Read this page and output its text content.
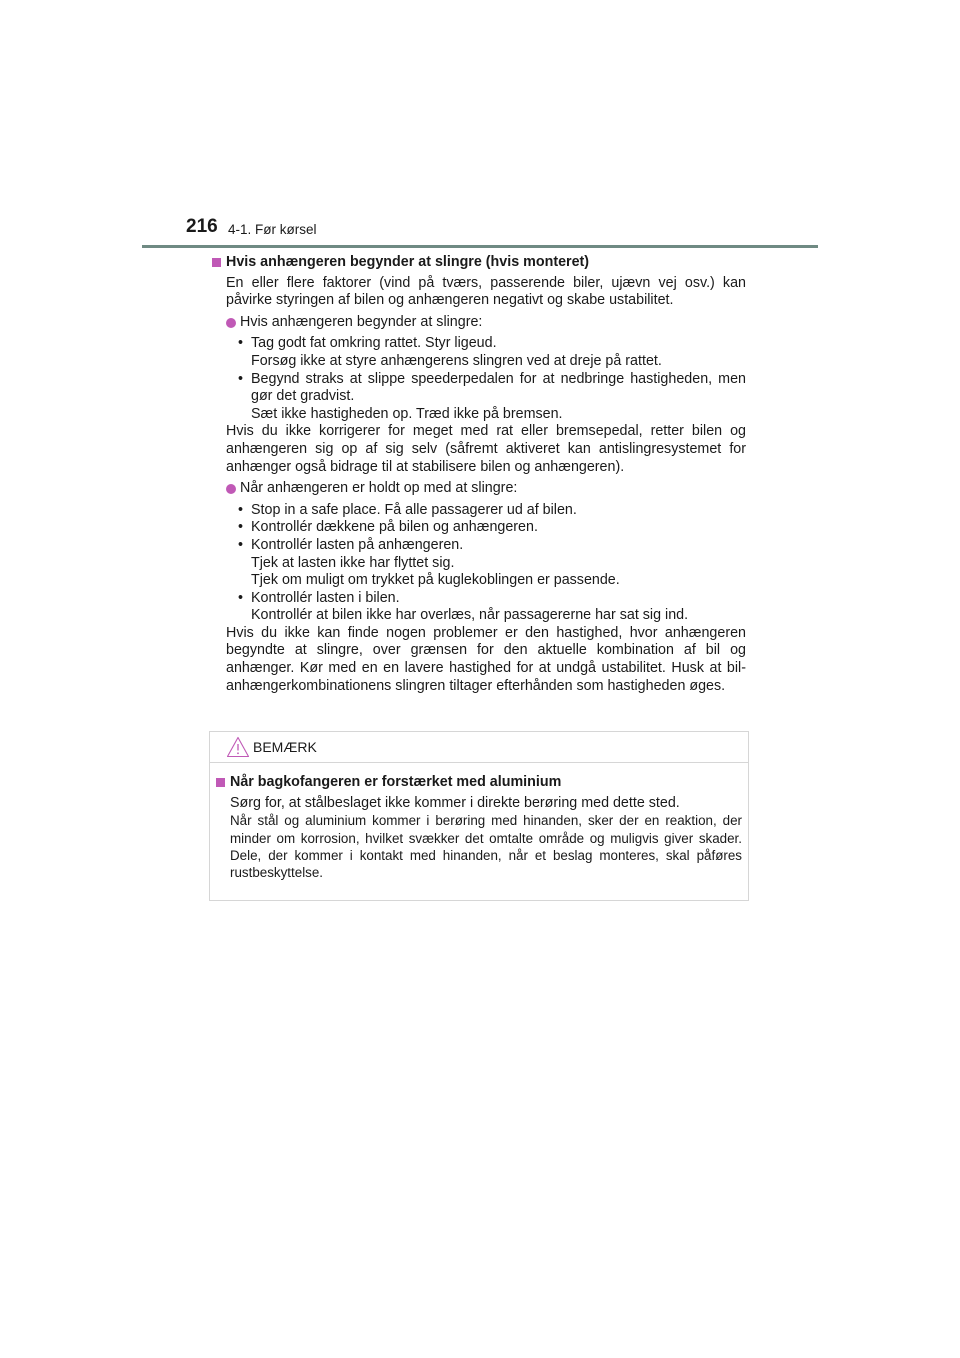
216 4-1. Før kørsel
Hvis anhængeren begynder at slingre (hvis monteret)

En eller flere faktorer (vind på tværs, passerende biler, ujævn vej osv.) kan påvirke styringen af bilen og anhængeren negativt og skabe ustabilitet.

Hvis anhængeren begynder at slingre:
• Tag godt fat omkring rattet. Styr ligeud.
Forsøg ikke at styre anhængerens slingren ved at dreje på rattet.
• Begynd straks at slippe speederpedalen for at nedbringe hastigheden, men gør det gradvist.
Sæt ikke hastigheden op. Træd ikke på bremsen.

Hvis du ikke korrigerer for meget med rat eller bremsepedal, retter bilen og anhængeren sig op af sig selv (såfremt aktiveret kan antislingresystemet for anhænger også bidrage til at stabilisere bilen og anhængeren).

Når anhængeren er holdt op med at slingre:
• Stop in a safe place. Få alle passagerer ud af bilen.
• Kontrollér dækkene på bilen og anhængeren.
• Kontrollér lasten på anhængeren.
Tjek at lasten ikke har flyttet sig.
Tjek om muligt om trykket på kuglekoblingen er passende.
• Kontrollér lasten i bilen.
Kontrollér at bilen ikke har overlæs, når passagererne har sat sig ind.

Hvis du ikke kan finde nogen problemer er den hastighed, hvor anhængeren begyndte at slingre, over grænsen for den aktuelle kombination af bil og anhænger. Kør med en en lavere hastighed for at undgå ustabilitet. Husk at bil-anhængerkombinationens slingren tiltager efterhånden som hastigheden øges.

BEMÆRK
Når bagkofangeren er forstærket med aluminium

Sørg for, at stålbeslaget ikke kommer i direkte berøring med dette sted.

Når stål og aluminium kommer i berøring med hinanden, sker der en reaktion, der minder om korrosion, hvilket svækker det omtalte område og muligvis giver skader. Dele, der kommer i kontakt med hinanden, når et beslag monteres, skal påføres rustbeskyttelse.
